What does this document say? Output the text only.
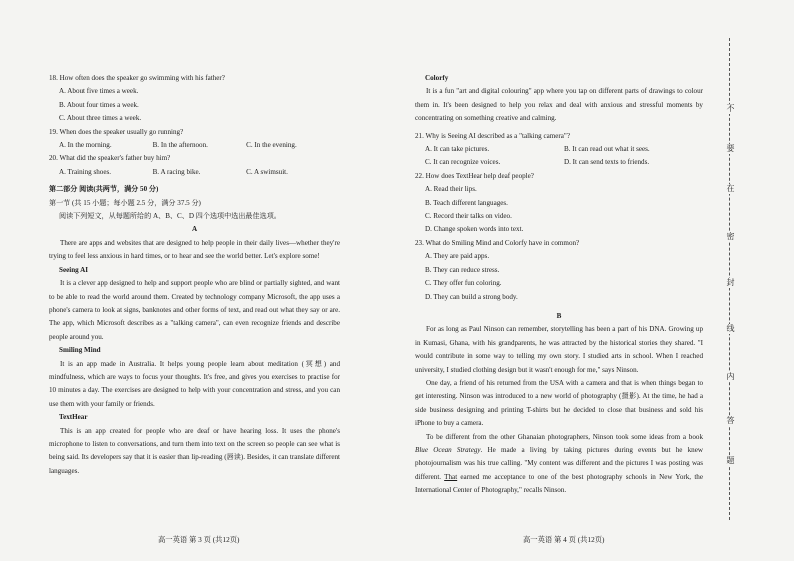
18. How often does the speaker go swimming with his father?
A. About five times a week.
B. About four times a week.
C. About three times a week.
19. When does the speaker usually go running?
A. In the morning.	B. In the afternoon.	C. In the evening.
20. What did the speaker's father buy him?
A. Training shoes.	B. A racing bike.	C. A swimsuit.
第二部分 阅读(共两节，满分 50 分)
第一节 (共 15 小题；每小题 2.5 分，满分 37.5 分)
阅读下列短文，从每题所给的 A、B、C、D 四个选项中选出最佳选项。
A
There are apps and websites that are designed to help people in their daily lives—whether they're trying to feel less anxious in hard times, or to hear and see the world better. Let's explore some!
Seeing AI
It is a clever app designed to help and support people who are blind or partially sighted, and want to be able to read the world around them. Created by technology company Microsoft, the app uses a phone's camera to look at signs, banknotes and other forms of text, and read out what they say or are. The app, which Microsoft describes as a "talking camera", can even recognize friends and describe people around you.
Smiling Mind
It is an app made in Australia. It helps young people learn about meditation (冥想) and mindfulness, which are ways to focus your thoughts. It's free, and gives you exercises to practise for 10 minutes a day. The exercises are designed to help with your concentration and stress, and you can use them with your family or friends.
TextHear
This is an app created for people who are deaf or have hearing loss. It uses the phone's microphone to listen to conversations, and turn them into text on the screen so people can see what is being said. Its developers say that it is easier than lip-reading (唇读). Besides, it can translate different languages.
Colorfy
It is a fun "art and digital colouring" app where you tap on different parts of drawings to colour them in. It's been designed to help you relax and deal with anxious and stressful moments by concentrating on something creative and calming.
21. Why is Seeing AI described as a "talking camera"?
A. It can take pictures.	B. It can read out what it sees.
C. It can recognize voices.	D. It can send texts to friends.
22. How does TextHear help deaf people?
A. Read their lips.
B. Teach different languages.
C. Record their talks on video.
D. Change spoken words into text.
23. What do Smiling Mind and Colorfy have in common?
A. They are paid apps.
B. They can reduce stress.
C. They offer fun coloring.
D. They can build a strong body.
B
For as long as Paul Ninson can remember, storytelling has been a part of his DNA. Growing up in Kumasi, Ghana, with his grandparents, he was attracted by the historical stories they shared. "I would contribute in some way to telling my own story. I studied arts in school. When I reached university, I studied clothing design but it wasn't enough for me," says Ninson.
One day, a friend of his returned from the USA with a camera and that is when things began to get interesting. Ninson was introduced to a new world of photography (摄影). At the time, he had a side business designing and printing T-shirts but he decided to close that business and sold his iPhone to buy a camera.
To be different from the other Ghanaian photographers, Ninson took some ideas from a book Blue Ocean Strategy. He made a living by taking pictures during events but he knew photojournalism was his true calling. "My content was different and the pictures I was posting was different. That earned me acceptance to one of the best photography schools in New York, the International Center of Photography," recalls Ninson.
高一英语 第 3 页 (共12页)	高一英语 第 4 页 (共12页)
不
要
在
密
封
线
内
答
题
